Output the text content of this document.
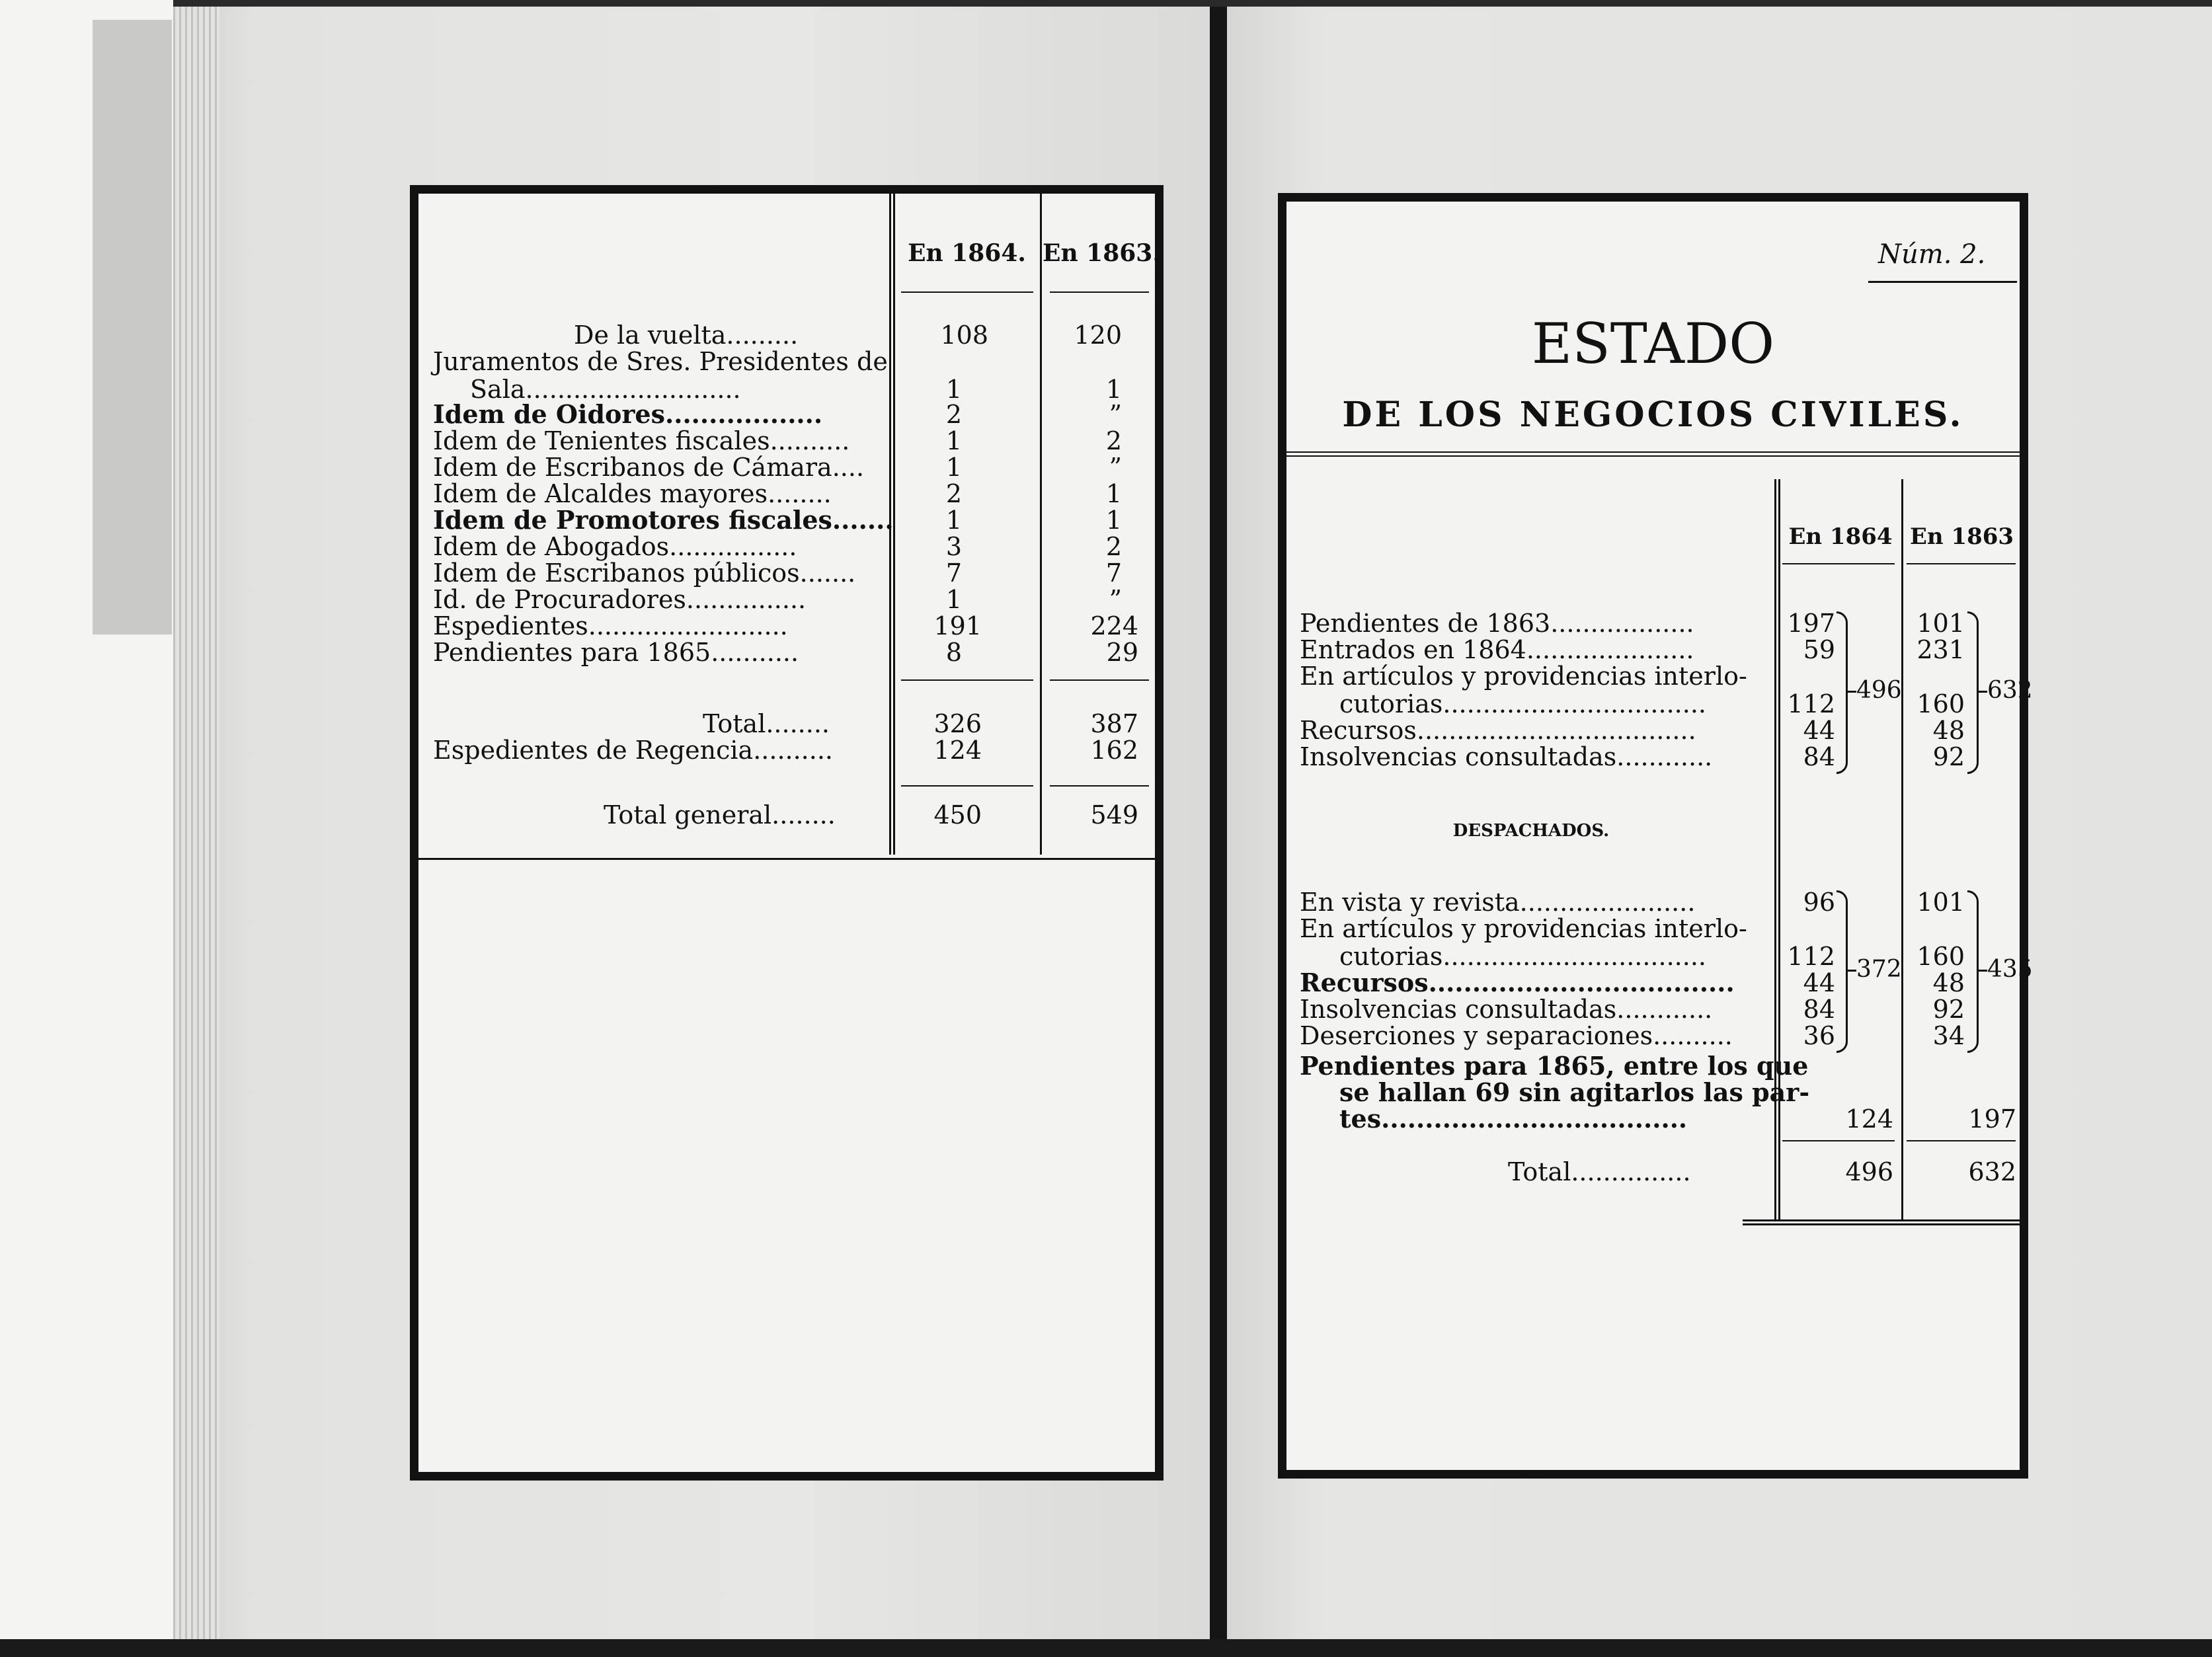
En 1864. En 1863.
De la vuelta.........	108	120
Juramentos de Sres. Presidentes de
Sala...........................	1	1
Idem de Oidores..................	2	”
Idem de Tenientes fiscales..........	1	2
Idem de Escribanos de Cámara....	1	”
Idem de Alcaldes mayores........	2	1
Idem de Promotores fiscales.......	1	1
Idem de Abogados................	3	2
Idem de Escribanos públicos.......	7	7
Id. de Procuradores...............	1	”
Espedientes.........................	191	224
Pendientes para 1865...........	8	29
Total........	326	387
Espedientes de Regencia..........	124	162
Total general........	450	549
Núm. 2.
ESTADO
DE LOS NEGOCIOS CIVILES.
En 1864 En 1863
Pendientes de 1863..................	197	101
Entrados en 1864.....................	59	231
En artículos y providencias interlo-
cutorias.................................	112	160
Recursos...................................	44	48
Insolvencias consultadas............	84	92
496	632
DESPACHADOS.
En vista y revista......................	96	101
En artículos y providencias interlo-
cutorias.................................	112	160
Recursos...................................	44	48
Insolvencias consultadas............	84	92
Deserciones y separaciones..........	36	34
372	435
Pendientes para 1865, entre los que
se hallan 69 sin agitarlos las par-
tes...................................	124	197
Total...............	496	632
